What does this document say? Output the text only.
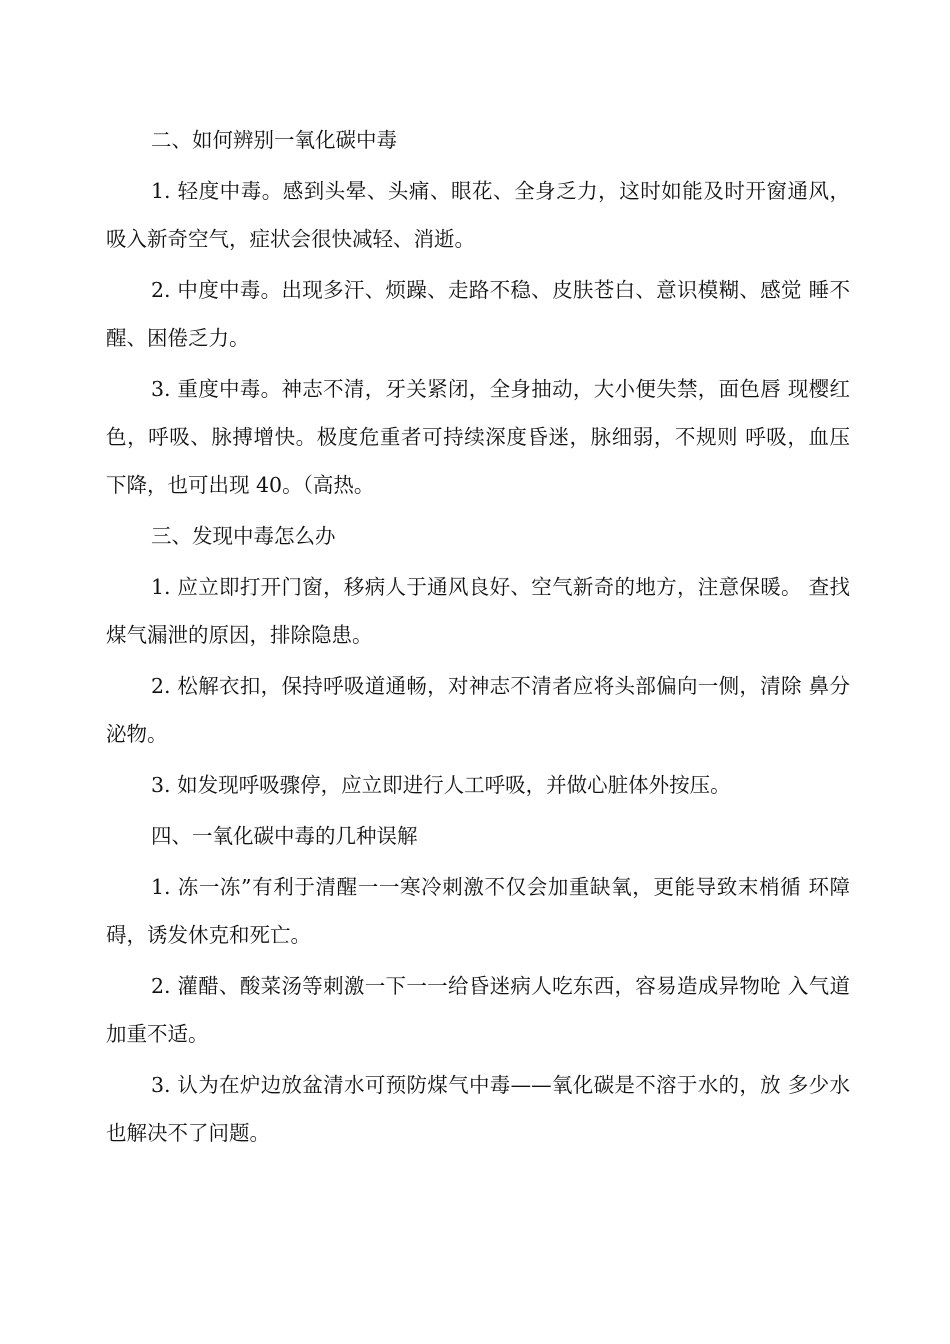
二、如何辨别一氧化碳中毒

1. 轻度中毒。感到头晕、头痛、眼花、全身乏力，这时如能及时开窗通风，吸入新奇空气，症状会很快减轻、消逝。

2. 中度中毒。出现多汗、烦躁、走路不稳、皮肤苍白、意识模糊、感觉 睡不醒、困倦乏力。

3. 重度中毒。神志不清，牙关紧闭，全身抽动，大小便失禁，面色唇 现樱红色，呼吸、脉搏增快。极度危重者可持续深度昏迷，脉细弱，不规则 呼吸，血压下降，也可出现 40。（高热。

三、发现中毒怎么办

1. 应立即打开门窗，移病人于通风良好、空气新奇的地方，注意保暖。 查找煤气漏泄的原因，排除隐患。

2. 松解衣扣，保持呼吸道通畅，对神志不清者应将头部偏向一侧，清除 鼻分泌物。

3. 如发现呼吸骤停，应立即进行人工呼吸，并做心脏体外按压。

四、一氧化碳中毒的几种误解

1. 冻一冻”有利于清醒一一寒冷刺激不仅会加重缺氧，更能导致末梢循 环障碍，诱发休克和死亡。

2. 灌醋、酸菜汤等刺激一下一一给昏迷病人吃东西，容易造成异物呛 入气道加重不适。

3. 认为在炉边放盆清水可预防煤气中毒——氧化碳是不溶于水的，放 多少水也解决不了问题。
